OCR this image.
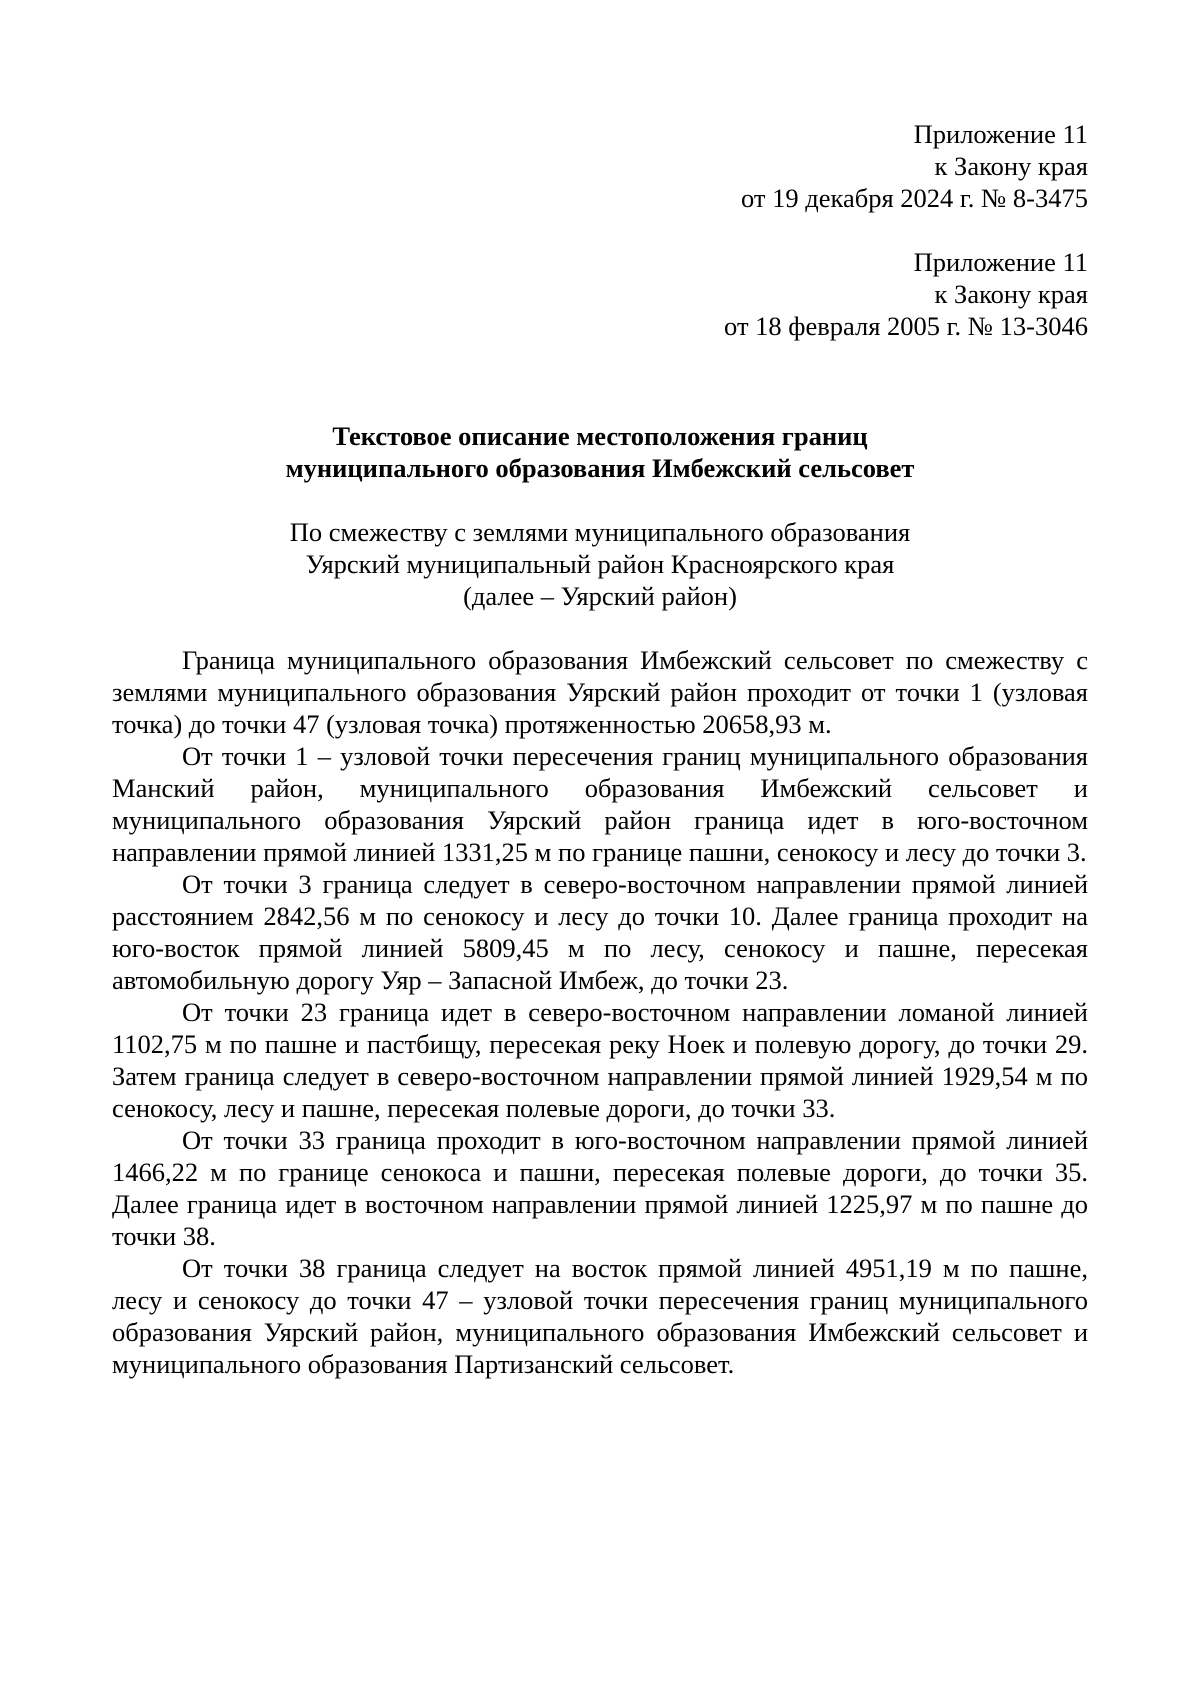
Приложение 11
к Закону края
от 19 декабря 2024 г. № 8-3475
Приложение 11
к Закону края
от 18 февраля 2005 г. № 13-3046
Текстовое описание местоположения границ
муниципального образования Имбежский сельсовет
По смежеству с землями муниципального образования
Уярский муниципальный район Красноярского края
(далее – Уярский район)

Граница муниципального образования Имбежский сельсовет по смежеству с землями муниципального образования Уярский район проходит от точки 1 (узловая точка) до точки 47 (узловая точка) протяженностью 20658,93 м.

От точки 1 – узловой точки пересечения границ муниципального образования Манский район, муниципального образования Имбежский сельсовет и муниципального образования Уярский район граница идет в юго-восточном направлении прямой линией 1331,25 м по границе пашни, сенокосу и лесу до точки 3.

От точки 3 граница следует в северо-восточном направлении прямой линией расстоянием 2842,56 м по сенокосу и лесу до точки 10. Далее граница проходит на юго-восток прямой линией 5809,45 м по лесу, сенокосу и пашне, пересекая автомобильную дорогу Уяр – Запасной Имбеж, до точки 23.

От точки 23 граница идет в северо-восточном направлении ломаной линией 1102,75 м по пашне и пастбищу, пересекая реку Ноек и полевую дорогу, до точки 29. Затем граница следует в северо-восточном направлении прямой линией 1929,54 м по сенокосу, лесу и пашне, пересекая полевые дороги, до точки 33.

От точки 33 граница проходит в юго-восточном направлении прямой линией 1466,22 м по границе сенокоса и пашни, пересекая полевые дороги, до точки 35. Далее граница идет в восточном направлении прямой линией 1225,97 м по пашне до точки 38.

От точки 38 граница следует на восток прямой линией 4951,19 м по пашне, лесу и сенокосу до точки 47 – узловой точки пересечения границ муниципального образования Уярский район, муниципального образования Имбежский сельсовет и муниципального образования Партизанский сельсовет.
